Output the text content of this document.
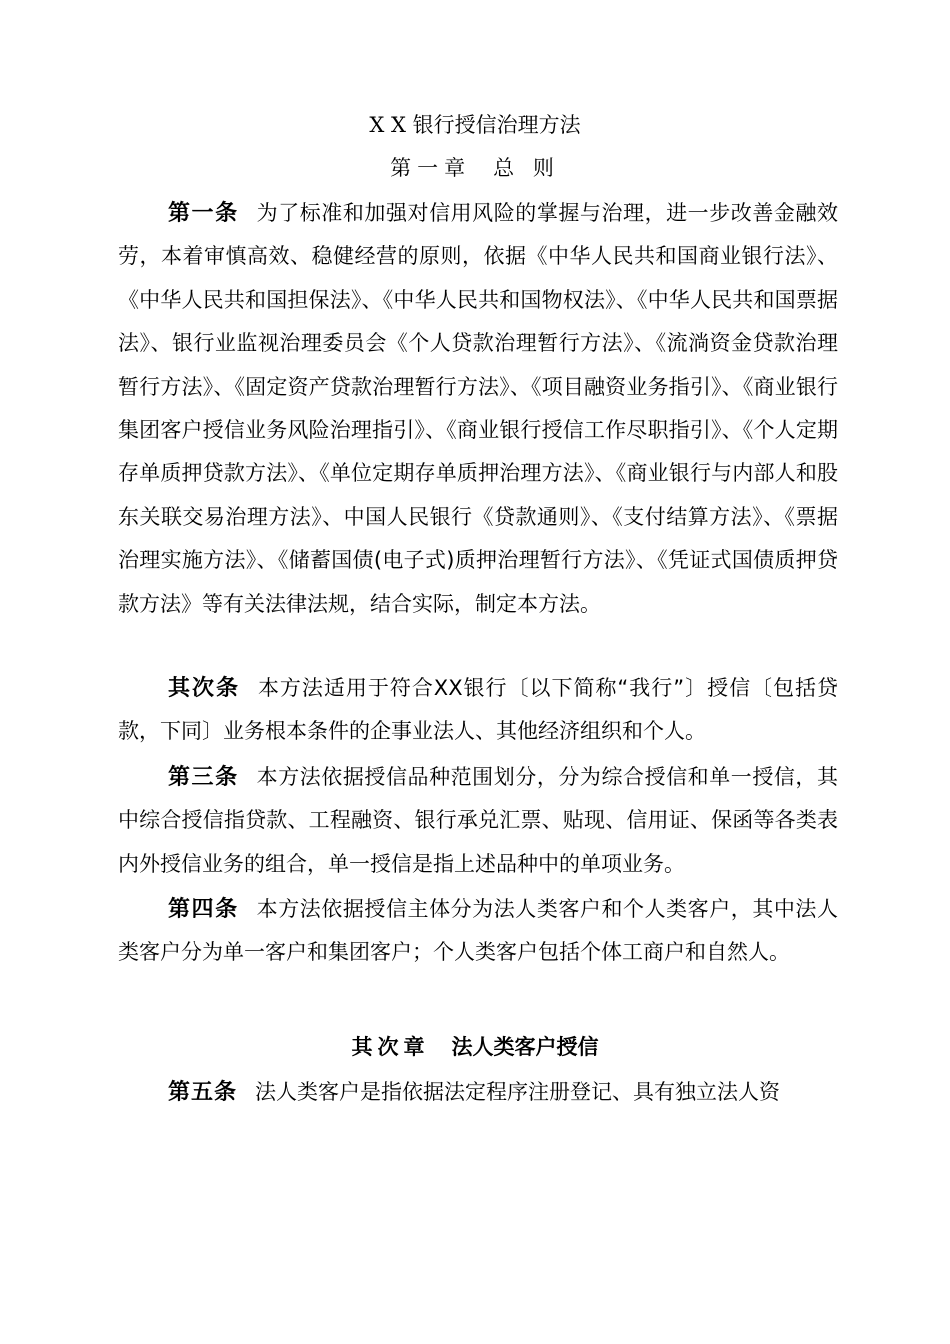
X X 银行授信治理方法
第一章 总 则

第一条 为了标准和加强对信用风险的掌握与治理，进一步改善金融效劳，本着审慎高效、稳健经营的原则，依据《中华人民共和国商业银行法》、《中华人民共和国担保法》、《中华人民共和国物权法》、《中华人民共和国票据法》、银行业监视治理委员会《个人贷款治理暂行方法》、《流淌资金贷款治理暂行方法》、《固定资产贷款治理暂行方法》、《项目融资业务指引》、《商业银行集团客户授信业务风险治理指引》、《商业银行授信工作尽职指引》、《个人定期存单质押贷款方法》、《单位定期存单质押治理方法》、《商业银行与内部人和股东关联交易治理方法》、中国人民银行《贷款通则》、《支付结算方法》、《票据治理实施方法》、《储蓄国债(电子式)质押治理暂行方法》、《凭证式国债质押贷款方法》等有关法律法规，结合实际，制定本方法。

其次条 本方法适用于符合XX银行〔以下简称“我行”〕授信〔包括贷款，下同〕业务根本条件的企事业法人、其他经济组织和个人。

第三条 本方法依据授信品种范围划分，分为综合授信和单一授信，其中综合授信指贷款、工程融资、银行承兑汇票、贴现、信用证、保函等各类表内外授信业务的组合，单一授信是指上述品种中的单项业务。

第四条 本方法依据授信主体分为法人类客户和个人类客户，其中法人类客户分为单一客户和集团客户；个人类客户包括个体工商户和自然人。

其次章 法人类客户授信

第五条 法人类客户是指依据法定程序注册登记、具有独立法人资
